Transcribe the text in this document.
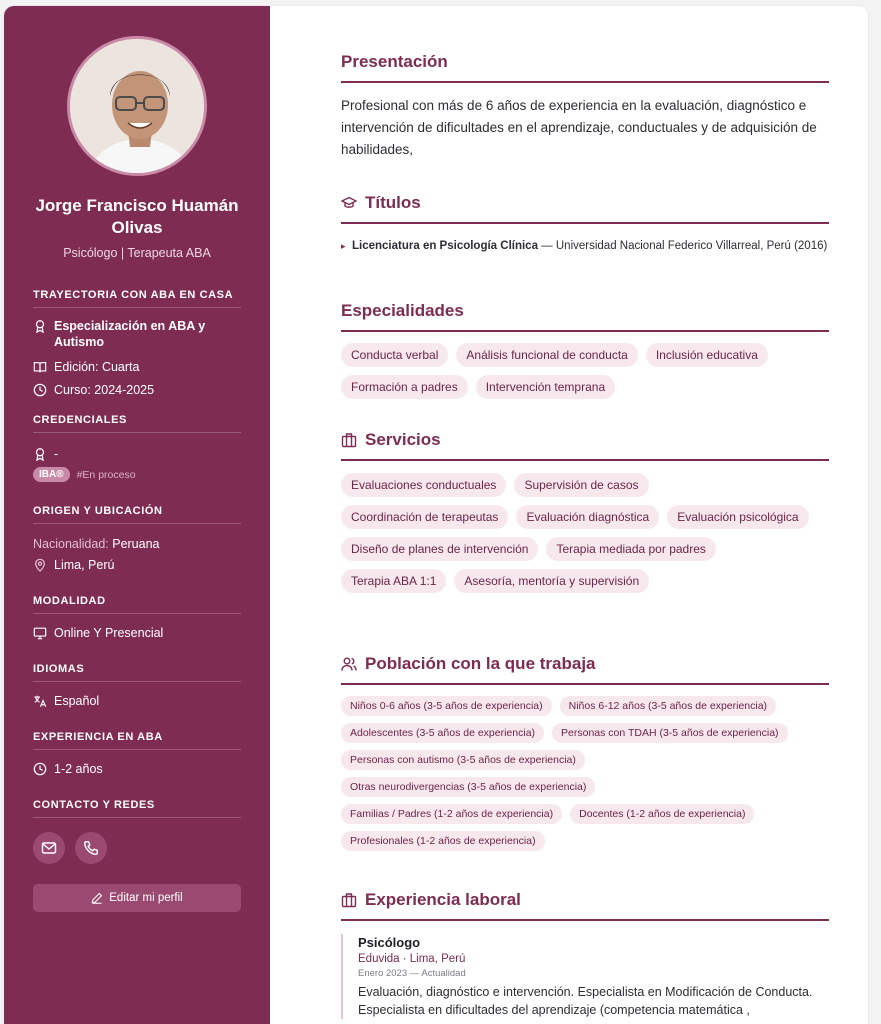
Jorge Francisco Huamán Olivas
Psicólogo | Terapeuta ABA
TRAYECTORIA CON ABA EN CASA
Especialización en ABA y Autismo
Edición: Cuarta
Curso: 2024-2025
CREDENCIALES
-
IBA®	#En proceso
ORIGEN Y UBICACIÓN
Nacionalidad:
Peruana
Lima, Perú
MODALIDAD
Online Y Presencial
IDIOMAS
Español
EXPERIENCIA EN ABA
1-2 años
CONTACTO Y REDES
Editar mi perfil
Presentación
Profesional con más de 6 años de experiencia en la evaluación, diagnóstico e intervención de dificultades en el aprendizaje, conductuales y de adquisición de habilidades,
Títulos
▸ Licenciatura en Psicología Clínica — Universidad Nacional Federico Villarreal, Perú (2016)
Especialidades
Conducta verbal	Análisis funcional de conducta	Inclusión educativa
Formación a padres	Intervención temprana
Servicios
Evaluaciones conductuales	Supervisión de casos
Coordinación de terapeutas	Evaluación diagnóstica	Evaluación psicológica
Diseño de planes de intervención	Terapia mediada por padres
Terapia ABA 1:1	Asesoría, mentoría y supervisión
Población con la que trabaja
Niños 0-6 años (3-5 años de experiencia)	Niños 6-12 años (3-5 años de experiencia)
Adolescentes (3-5 años de experiencia)	Personas con TDAH (3-5 años de experiencia)
Personas con autismo (3-5 años de experiencia)
Otras neurodivergencias (3-5 años de experiencia)
Familias / Padres (1-2 años de experiencia)	Docentes (1-2 años de experiencia)
Profesionales (1-2 años de experiencia)
Experiencia laboral
Psicólogo
Eduvida · Lima, Perú
Enero 2023 — Actualidad
Evaluación, diagnóstico e intervención. Especialista en Modificación de Conducta. Especialista en dificultades del aprendizaje (competencia matemática ,
